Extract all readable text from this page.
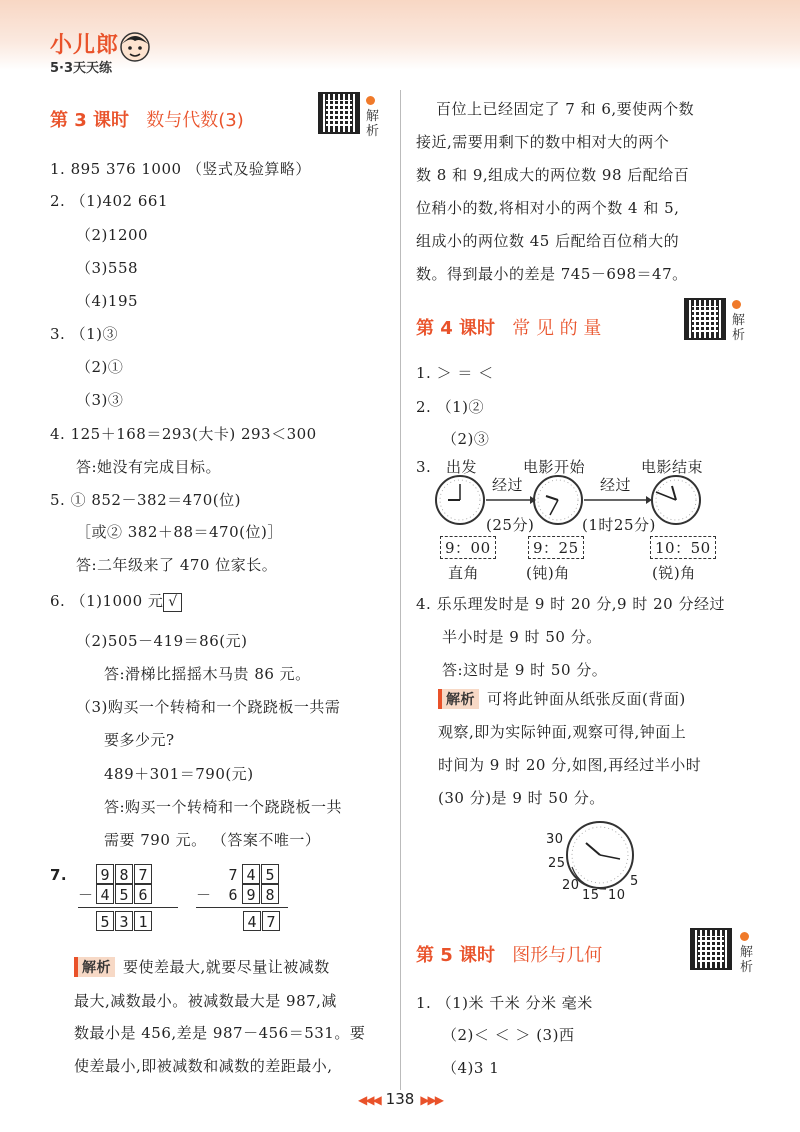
小儿郎
5·3天天练
第 3 课时 数与代数(3)	解析
1. 895 376 1000 （竖式及验算略）
2. （1)402 661
（2)1200
（3)558
（4)195
3. （1)③
（2)①
（3)③
4. 125＋168＝293(大卡) 293＜300
答:她没有完成目标。
5. ① 852－382＝470(位)
［或② 382＋88＝470(位)］
答:二年级来了 470 位家长。
6. （1)1000 元 √
（2)505－419＝86(元)
答:滑梯比摇摇木马贵 86 元。
（3)购买一个转椅和一个跷跷板一共需
要多少元?
489＋301＝790(元)
答:购买一个转椅和一个跷跷板一共
需要 790 元。 （答案不唯一）
7. 9 8 7
－ 4 5 6
5 3 1
7 4 5
－ 6 9 8
4 7
解析 要使差最大,就要尽量让被减数
最大,减数最小。被减数最大是 987,减
数最小是 456,差是 987－456＝531。要
使差最小,即被减数和减数的差距最小,
百位上已经固定了 7 和 6,要使两个数
接近,需要用剩下的数中相对大的两个
数 8 和 9,组成大的两位数 98 后配给百
位稍小的数,将相对小的两个数 4 和 5,
组成小的两位数 45 后配给百位稍大的
数。得到最小的差是 745－698＝47。
第 4 课时 常 见 的 量	解析
1. ＞ ＝ ＜
2. （1)②
（2)③
3. 出发	电影开始	电影结束
经过	经过
(25分)	(1时25分)
9：00	9：25	10：50
直角	(钝)角	(锐)角
4. 乐乐理发时是 9 时 20 分,9 时 20 分经过
半小时是 9 时 50 分。
答:这时是 9 时 50 分。
解析 可将此钟面从纸张反面(背面)
观察,即为实际钟面,观察可得,钟面上
时间为 9 时 20 分,如图,再经过半小时
(30 分)是 9 时 50 分。
30
25
20
15 10
5
第 5 课时 图形与几何	解析
1. （1)米 千米 分米 毫米
（2)＜ ＜ ＞ (3)西
（4)3 1
◀◀◀ 138 ▶▶▶
